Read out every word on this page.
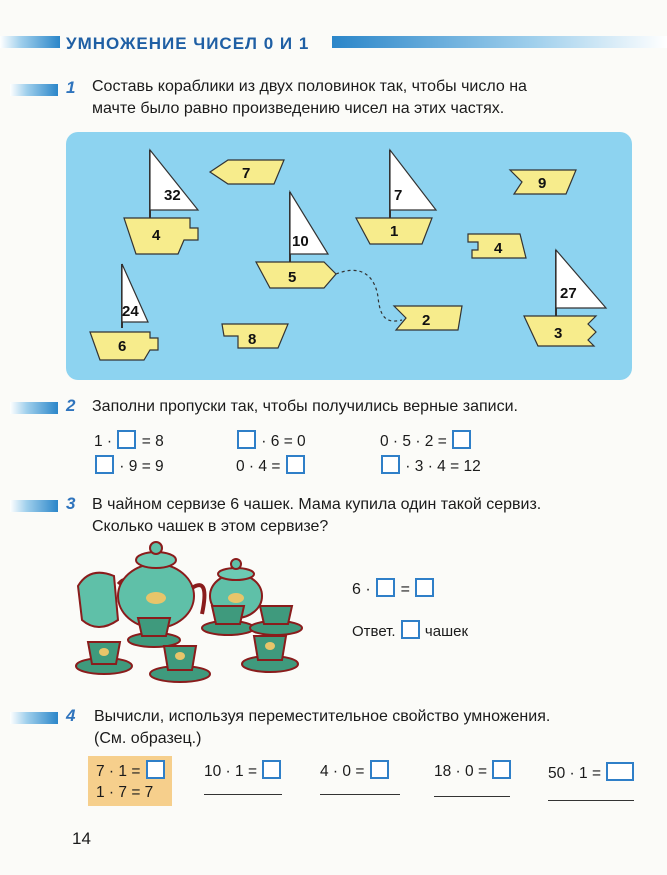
УМНОЖЕНИЕ ЧИСЕЛ 0 И 1
1 Составь кораблики из двух половинок так, чтобы число на
мачте было равно произведению чисел на этих частях.
32
7
4	10
5
7
1
4
9
2
24
6	8
27
3
2 Заполни пропуски так, чтобы получились верные записи.
1 ·  = 8	· 6 = 0	0 · 5 · 2 =
· 9 = 9	0 · 4 =	· 3 · 4 = 12
3 В чайном сервизе 6 чашек. Мама купила один такой сервиз.
Сколько чашек в этом сервизе?
6 ·  =
Ответ. чашек
4 Вычисли, используя переместительное свойство умножения.
(См. образец.)
7 · 1 =
1 · 7 = 7
10 · 1 =	4 · 0 =	18 · 0 =	50 · 1 =
14
